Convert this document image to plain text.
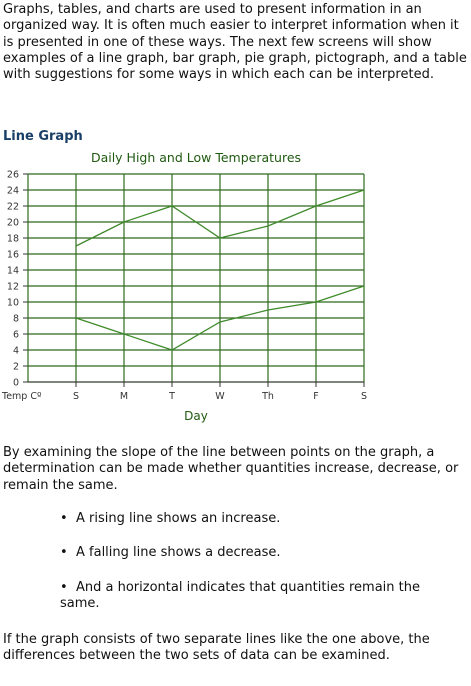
Graphs, tables, and charts are used to present information in an organized way. It is often much easier to interpret information when it is presented in one of these ways. The next few screens will show examples of a line graph, bar graph, pie graph, pictograph, and a table with suggestions for some ways in which each can be interpreted.

Line Graph
Daily High and Low Temperatures
0
2
4
6
8
10
12
14
16
18
20
22
24
26
S	M	T	W	Th	F	S
Temp Cº
Day

By examining the slope of the line between points on the graph, a determination can be made whether quantities increase, decrease, or remain the same.

• A rising line shows an increase.

• A falling line shows a decrease.

• And a horizontal indicates that quantities remain the same.

If the graph consists of two separate lines like the one above, the differences between the two sets of data can be examined.
